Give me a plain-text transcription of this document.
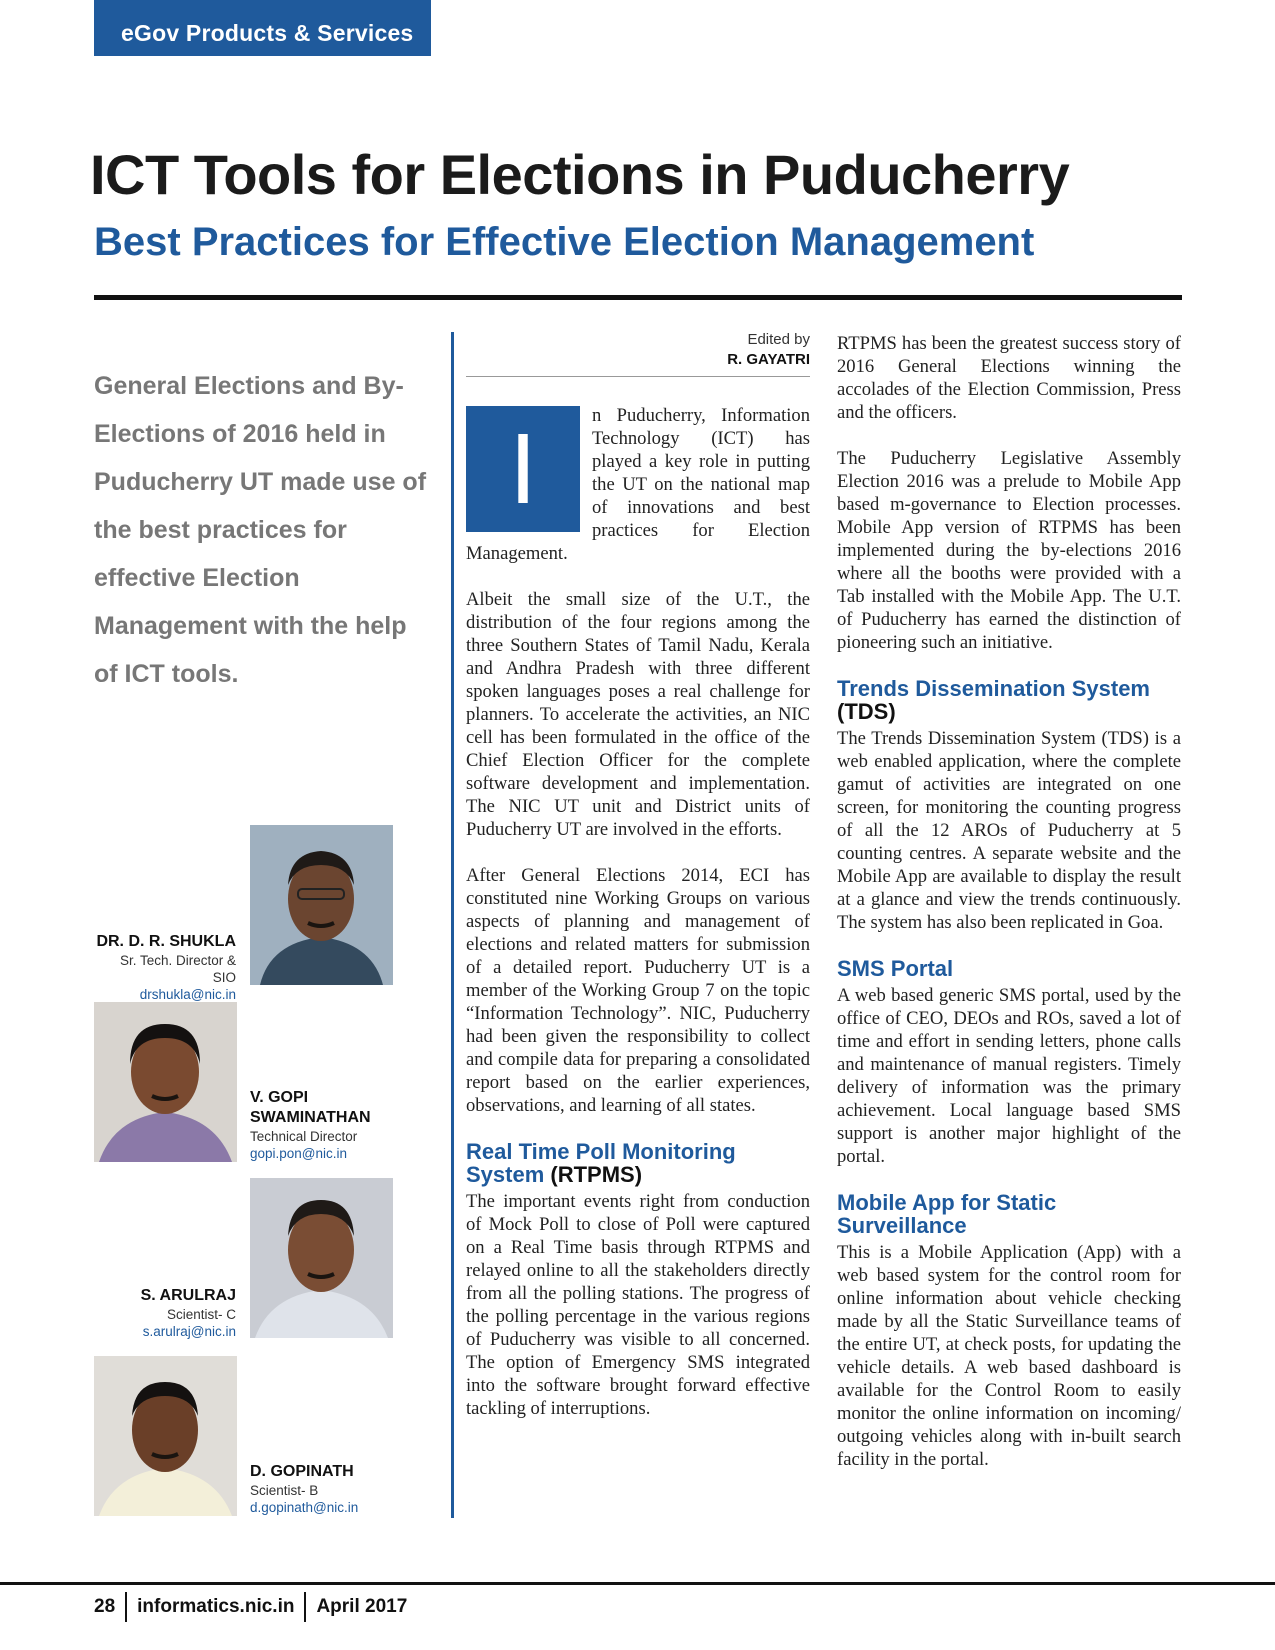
eGov Products & Services
ICT Tools for Elections in Puducherry
Best Practices for Effective Election Management
General Elections and By-Elections of 2016 held in Puducherry UT made use of the best practices for effective Election Management with the help of ICT tools.
Edited by
R. GAYATRI

I	n Puducherry, Information Technology (ICT) has played a key role in putting the UT on the national map of innovations and best practices for Election Management.

Albeit the small size of the U.T., the distribution of the four regions among the three Southern States of Tamil Nadu, Kerala and Andhra Pradesh with three different spoken languages poses a real challenge for planners. To accelerate the activities, an NIC cell has been formulated in the office of the Chief Election Officer for the complete software development and implementation. The NIC UT unit and District units of Puducherry UT are involved in the efforts.

After General Elections 2014, ECI has constituted nine Working Groups on various aspects of planning and management of elections and related matters for submission of a detailed report. Puducherry UT is a member of the Working Group 7 on the topic “Information Technology”. NIC, Puducherry had been given the responsibility to collect and compile data for preparing a consolidated report based on the earlier experiences, observations, and learning of all states.

Real Time Poll Monitoring System (RTPMS)

The important events right from conduction of Mock Poll to close of Poll were captured on a Real Time basis through RTPMS and relayed online to all the stakeholders directly from all the polling stations. The progress of the polling percentage in the various regions of Puducherry was visible to all concerned. The option of Emergency SMS integrated into the software brought forward effective tackling of interruptions.

RTPMS has been the greatest success story of 2016 General Elections winning the accolades of the Election Commission, Press and the officers.

The Puducherry Legislative Assembly Election 2016 was a prelude to Mobile App based m-governance to Election processes. Mobile App version of RTPMS has been implemented during the by-elections 2016 where all the booths were provided with a Tab installed with the Mobile App. The U.T. of Puducherry has earned the distinction of pioneering such an initiative.

Trends Dissemination System
(TDS)

The Trends Dissemination System (TDS) is a web enabled application, where the complete gamut of activities are integrated on one screen, for monitoring the counting progress of all the 12 AROs of Puducherry at 5 counting centres. A separate website and the Mobile App are available to display the result at a glance and view the trends continuously. The system has also been replicated in Goa.

SMS Portal

A web based generic SMS portal, used by the office of CEO, DEOs and ROs, saved a lot of time and effort in sending letters, phone calls and maintenance of manual registers. Timely delivery of information was the primary achievement. Local language based SMS support is another major highlight of the portal.

Mobile App for Static Surveillance

This is a Mobile Application (App) with a web based system for the control room for online information about vehicle checking made by all the Static Surveillance teams of the entire UT, at check posts, for updating the vehicle details. A web based dashboard is available for the Control Room to easily monitor the online information on incoming/ outgoing vehicles along with in-built search facility in the portal.

DR. D. R. SHUKLA
Sr. Tech. Director & SIO
drshukla@nic.in
V. GOPI SWAMINATHAN
Technical Director
gopi.pon@nic.in
S. ARULRAJ
Scientist- C
s.arulraj@nic.in
D. GOPINATH
Scientist- B
d.gopinath@nic.in
28 informatics.nic.in April 2017
